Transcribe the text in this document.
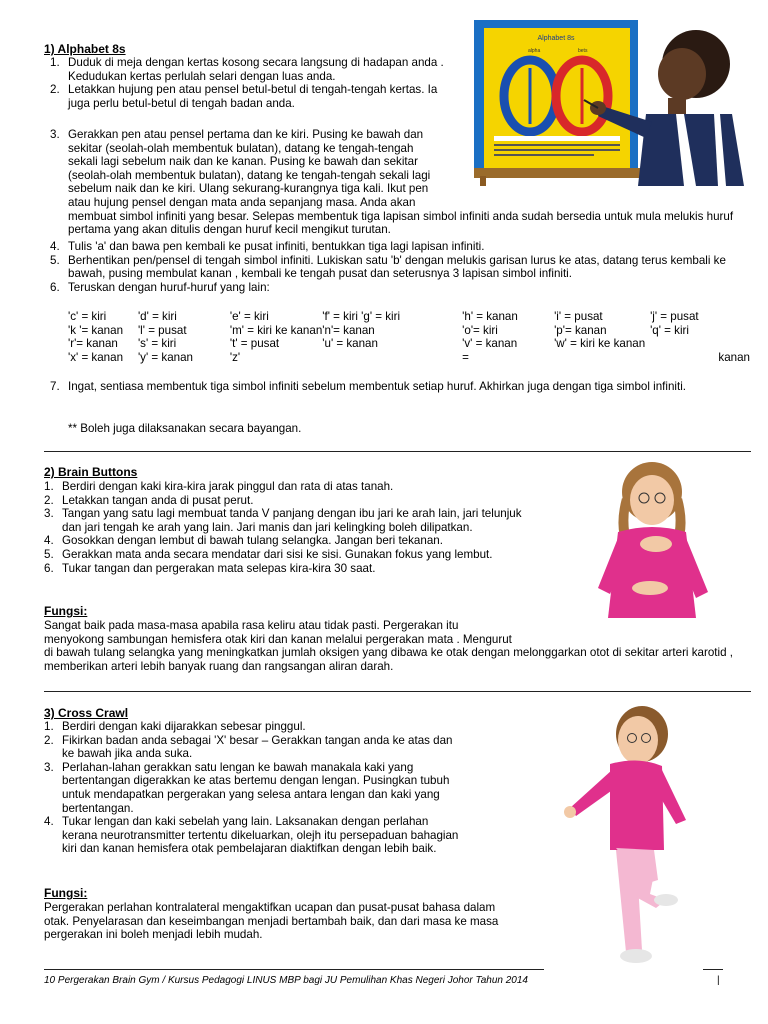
1) Alphabet 8s
Alphabet 8s
alpha	bets
1. Duduk di meja dengan kertas kosong secara langsung di hadapan anda . Kedudukan kertas perlulah selari dengan luas anda.
2. Letakkan hujung pen atau pensel betul-betul di tengah-tengah kertas. Ia juga perlu betul-betul di tengah badan anda.
3. Gerakkan pen atau pensel pertama dan ke kiri. Pusing ke bawah dan sekitar (seolah-olah membentuk bulatan), datang ke tengah-tengah sekali lagi sebelum naik dan ke kanan. Pusing ke bawah dan sekitar (seolah-olah membentuk bulatan), datang ke tengah-tengah sekali lagi sebelum naik dan ke kiri. Ulang sekurang-kurangnya tiga kali. Ikut pen atau hujung pensel dengan mata anda sepanjang masa. Anda akan membuat simbol infiniti yang besar. Selepas membentuk tiga lapisan simbol infiniti anda sudah bersedia untuk mula melukis huruf pertama yang akan ditulis dengan huruf kecil mengikut turutan.
4. Tulis 'a' dan bawa pen kembali ke pusat infiniti, bentukkan tiga lagi lapisan infiniti.
5. Berhentikan pen/pensel di tengah simbol infiniti. Lukiskan satu 'b' dengan melukis garisan lurus ke atas, datang terus kembali ke bawah, pusing membulat kanan , kembali ke tengah pusat dan seterusnya 3 lapisan simbol infiniti.
6. Teruskan dengan huruf-huruf yang lain:
'c' = kiri	'd' = kiri	'e' = kiri	'f' = kiri 'g' = kiri	'h' = kanan	'i' = pusat	'j' = pusat
'k '= kanan	'l' = pusat	'm' = kiri ke kanan	'n'= kanan	'o'= kiri	'p'= kanan	'q' = kiri
'r'= kanan	's' = kiri	't' = pusat	'u' = kanan	'v' = kanan	'w' = kiri ke kanan	
'x' = kanan	'y' = kanan	'z'		=		kanan
7. Ingat, sentiasa membentuk tiga simbol infiniti sebelum membentuk setiap huruf. Akhirkan juga dengan tiga simbol infiniti.
** Boleh juga dilaksanakan secara bayangan.
2) Brain Buttons
1. Berdiri dengan kaki kira-kira jarak pinggul dan rata di atas tanah.
2. Letakkan tangan anda di pusat perut.
3. Tangan yang satu lagi membuat tanda V panjang dengan ibu jari ke arah lain, jari telunjuk dan jari tengah ke arah yang lain. Jari manis dan jari kelingking boleh dilipatkan.
4. Gosokkan dengan lembut di bawah tulang selangka. Jangan beri tekanan.
5. Gerakkan mata anda secara mendatar dari sisi ke sisi. Gunakan fokus yang lembut.
6. Tukar tangan dan pergerakan mata selepas kira-kira 30 saat.
Fungsi:
Sangat baik pada masa-masa apabila rasa keliru atau tidak pasti. Pergerakan itu menyokong sambungan hemisfera otak kiri dan kanan melalui pergerakan mata . Mengurut di bawah tulang selangka yang meningkatkan jumlah oksigen yang dibawa ke otak dengan melonggarkan otot di sekitar arteri karotid , memberikan arteri lebih banyak ruang dan rangsangan aliran darah.
3) Cross Crawl
1. Berdiri dengan kaki dijarakkan sebesar pinggul.
2. Fikirkan badan anda sebagai 'X' besar – Gerakkan tangan anda ke atas dan ke bawah jika anda suka.
3. Perlahan-lahan gerakkan satu lengan ke bawah manakala kaki yang bertentangan digerakkan ke atas bertemu dengan lengan. Pusingkan tubuh untuk mendapatkan pergerakan yang selesa antara lengan dan kaki yang bertentangan.
4. Tukar lengan dan kaki sebelah yang lain. Laksanakan dengan perlahan kerana neurotransmitter tertentu dikeluarkan, olejh itu persepaduan bahagian kiri dan kanan hemisfera otak pembelajaran diaktifkan dengan lebih baik.
Fungsi:
Pergerakan perlahan kontralateral mengaktifkan ucapan dan pusat-pusat bahasa dalam otak. Penyelarasan dan keseimbangan menjadi bertambah baik, dan dari masa ke masa pergerakan ini boleh menjadi lebih mudah.
10 Pergerakan Brain Gym / Kursus Pedagogi LINUS MBP bagi JU Pemulihan Khas Negeri Johor Tahun 2014	|
